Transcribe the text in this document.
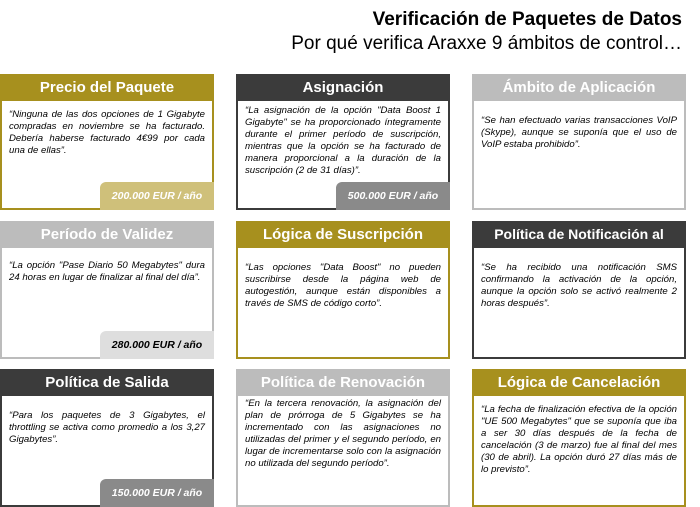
Verificación de Paquetes de Datos
Por qué verifica Araxxe 9 ámbitos de control…
Precio del Paquete
“Ninguna de las dos opciones de 1 Gigabyte compradas en noviembre se ha facturado. Debería haberse facturado 4€99 por cada una de ellas”.
200.000 EUR / año
Asignación
“La asignación de la opción "Data Boost 1 Gigabyte" se ha proporcionado íntegramente durante el primer período de suscripción, mientras que la opción se ha facturado de manera proporcional a la duración de la suscripción (2 de 31 días)”.
500.000 EUR / año
Ámbito de Aplicación
“Se han efectuado varias transacciones VoIP (Skype), aunque se suponía que el uso de VoIP estaba prohibido”.
Período de Validez
“La opción "Pase Diario 50 Megabytes" dura 24 horas en lugar de finalizar al final del día”.
280.000 EUR / año
Lógica de Suscripción
“Las opciones "Data Boost" no pueden suscribirse desde la página web de autogestión, aunque están disponibles a través de SMS de código corto”.
Política de Notificación al
“Se ha recibido una notificación SMS confirmando la activación de la opción, aunque la opción solo se activó realmente 2 horas después”.
Política de Salida
“Para los paquetes de 3 Gigabytes, el throttling se activa como promedio a los 3,27 Gigabytes”.
150.000 EUR / año
Política de Renovación
“En la tercera renovación, la asignación del plan de prórroga de 5 Gigabytes se ha incrementado con las asignaciones no utilizadas del primer y el segundo período, en lugar de incrementarse solo con la asignación no utilizada del segundo período”.
Lógica de Cancelación
“La fecha de finalización efectiva de la opción "UE 500 Megabytes" que se suponía que iba a ser 30 días después de la fecha de cancelación (3 de marzo) fue al final del mes (30 de abril). La opción duró 27 días más de lo previsto”.
